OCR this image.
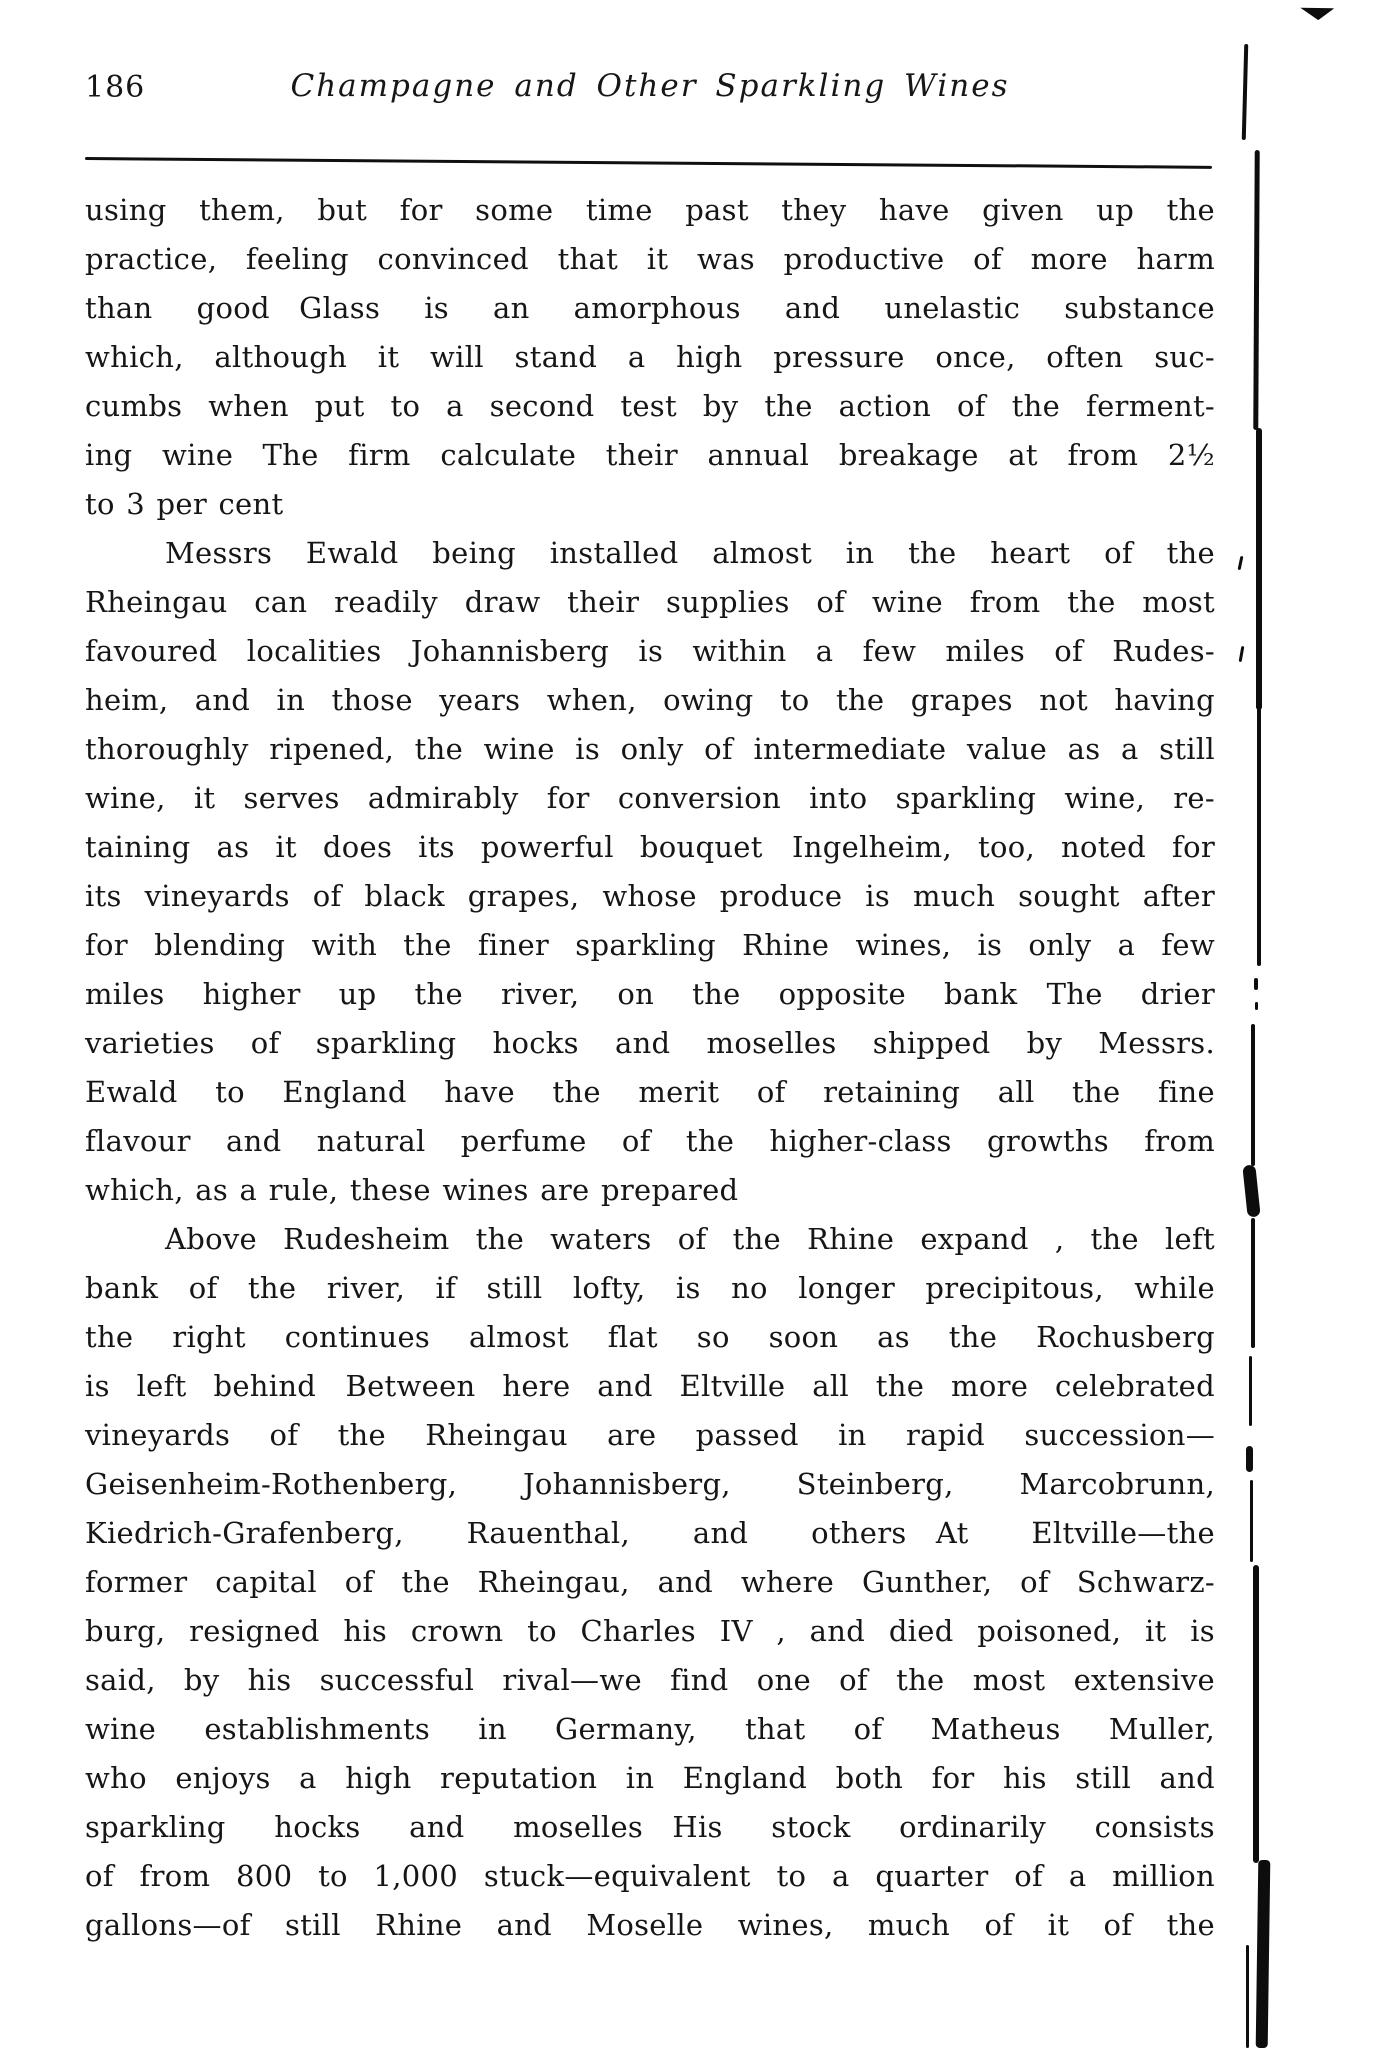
186	Champagne and Other Sparkling Wines
using them, but for some time past they have given up the
practice, feeling convinced that it was productive of more harm
than good Glass is an amorphous and unelastic substance
which, although it will stand a high pressure once, often suc-
cumbs when put to a second test by the action of the ferment-
ing wine The firm calculate their annual breakage at from 2½
to 3 per cent
Messrs Ewald being installed almost in the heart of the
Rheingau can readily draw their supplies of wine from the most
favoured localities Johannisberg is within a few miles of Rudes-
heim, and in those years when, owing to the grapes not having
thoroughly ripened, the wine is only of intermediate value as a still
wine, it serves admirably for conversion into sparkling wine, re-
taining as it does its powerful bouquet Ingelheim, too, noted for
its vineyards of black grapes, whose produce is much sought after
for blending with the finer sparkling Rhine wines, is only a few
miles higher up the river, on the opposite bank The drier
varieties of sparkling hocks and moselles shipped by Messrs.
Ewald to England have the merit of retaining all the fine
flavour and natural perfume of the higher-class growths from
which, as a rule, these wines are prepared
Above Rudesheim the waters of the Rhine expand , the left
bank of the river, if still lofty, is no longer precipitous, while
the right continues almost flat so soon as the Rochusberg
is left behind Between here and Eltville all the more celebrated
vineyards of the Rheingau are passed in rapid succession—
Geisenheim-Rothenberg, Johannisberg, Steinberg, Marcobrunn,
Kiedrich-Grafenberg, Rauenthal, and others At Eltville—the
former capital of the Rheingau, and where Gunther, of Schwarz-
burg, resigned his crown to Charles IV , and died poisoned, it is
said, by his successful rival—we find one of the most extensive
wine establishments in Germany, that of Matheus Muller,
who enjoys a high reputation in England both for his still and
sparkling hocks and moselles His stock ordinarily consists
of from 800 to 1,000 stuck—equivalent to a quarter of a million
gallons—of still Rhine and Moselle wines, much of it of the
